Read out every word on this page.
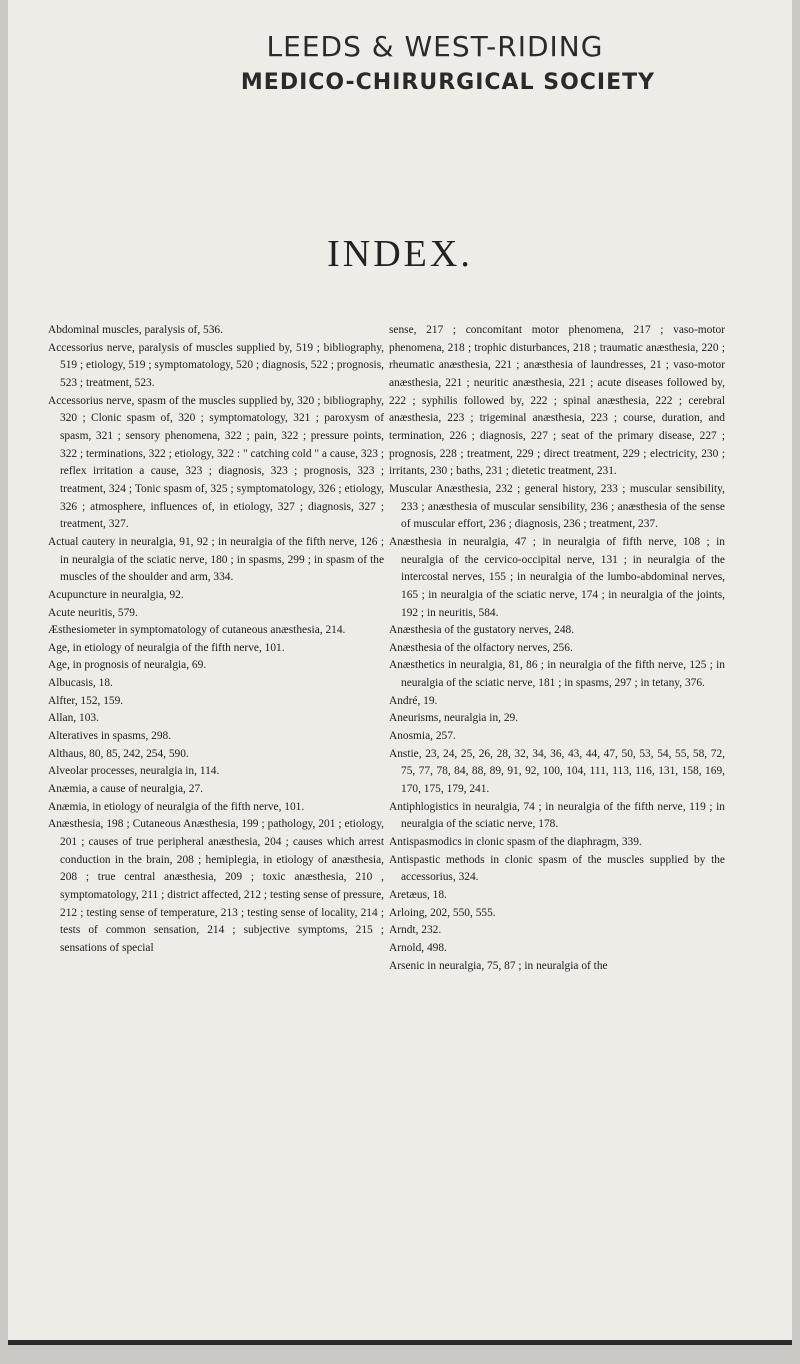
LEEDS & WEST-RIDING
MEDICO-CHIRURGICAL SOCIETY
INDEX.

Abdominal muscles, paralysis of, 536.

Accessorius nerve, paralysis of muscles supplied by, 519 ; bibliography, 519 ; etiology, 519 ; symptomatology, 520 ; diagnosis, 522 ; prognosis, 523 ; treatment, 523.

Accessorius nerve, spasm of the muscles supplied by, 320 ; bibliography, 320 ; Clonic spasm of, 320 ; symptomatology, 321 ; paroxysm of spasm, 321 ; sensory phenomena, 322 ; pain, 322 ; pressure points, 322 ; terminations, 322 ; etiology, 322 : " catching cold " a cause, 323 ; reflex irritation a cause, 323 ; diagnosis, 323 ; prognosis, 323 ; treatment, 324 ; Tonic spasm of, 325 ; symptomatology, 326 ; etiology, 326 ; atmosphere, influences of, in etiology, 327 ; diagnosis, 327 ; treatment, 327.

Actual cautery in neuralgia, 91, 92 ; in neuralgia of the fifth nerve, 126 ; in neuralgia of the sciatic nerve, 180 ; in spasms, 299 ; in spasm of the muscles of the shoulder and arm, 334.

Acupuncture in neuralgia, 92.

Acute neuritis, 579.

Æsthesiometer in symptomatology of cutaneous anæsthesia, 214.

Age, in etiology of neuralgia of the fifth nerve, 101.

Age, in prognosis of neuralgia, 69.

Albucasis, 18.

Alfter, 152, 159.

Allan, 103.

Alteratives in spasms, 298.

Althaus, 80, 85, 242, 254, 590.

Alveolar processes, neuralgia in, 114.

Anæmia, a cause of neuralgia, 27.

Anæmia, in etiology of neuralgia of the fifth nerve, 101.

Anæsthesia, 198 ; Cutaneous Anæsthesia, 199 ; pathology, 201 ; etiology, 201 ; causes of true peripheral anæsthesia, 204 ; causes which arrest conduction in the brain, 208 ; hemiplegia, in etiology of anæsthesia, 208 ; true central anæsthesia, 209 ; toxic anæsthesia, 210 , symptomatology, 211 ; district affected, 212 ; testing sense of pressure, 212 ; testing sense of temperature, 213 ; testing sense of locality, 214 ; tests of common sensation, 214 ; subjective symptoms, 215 ; sensations of special

sense, 217 ; concomitant motor phenomena, 217 ; vaso-motor phenomena, 218 ; trophic disturbances, 218 ; traumatic anæsthesia, 220 ; rheumatic anæsthesia, 221 ; anæsthesia of laundresses, 21 ; vaso-motor anæsthesia, 221 ; neuritic anæsthesia, 221 ; acute diseases followed by, 222 ; syphilis followed by, 222 ; spinal anæsthesia, 222 ; cerebral anæsthesia, 223 ; trigeminal anæsthesia, 223 ; course, duration, and termination, 226 ; diagnosis, 227 ; seat of the primary disease, 227 ; prognosis, 228 ; treatment, 229 ; direct treatment, 229 ; electricity, 230 ; irritants, 230 ; baths, 231 ; dietetic treatment, 231.

Muscular Anæsthesia, 232 ; general history, 233 ; muscular sensibility, 233 ; anæsthesia of muscular sensibility, 236 ; anæsthesia of the sense of muscular effort, 236 ; diagnosis, 236 ; treatment, 237.

Anæsthesia in neuralgia, 47 ; in neuralgia of fifth nerve, 108 ; in neuralgia of the cervico-occipital nerve, 131 ; in neuralgia of the intercostal nerves, 155 ; in neuralgia of the lumbo-abdominal nerves, 165 ; in neuralgia of the sciatic nerve, 174 ; in neuralgia of the joints, 192 ; in neuritis, 584.

Anæsthesia of the gustatory nerves, 248.

Anæsthesia of the olfactory nerves, 256.

Anæsthetics in neuralgia, 81, 86 ; in neuralgia of the fifth nerve, 125 ; in neuralgia of the sciatic nerve, 181 ; in spasms, 297 ; in tetany, 376.

André, 19.

Aneurisms, neuralgia in, 29.

Anosmia, 257.

Anstie, 23, 24, 25, 26, 28, 32, 34, 36, 43, 44, 47, 50, 53, 54, 55, 58, 72, 75, 77, 78, 84, 88, 89, 91, 92, 100, 104, 111, 113, 116, 131, 158, 169, 170, 175, 179, 241.

Antiphlogistics in neuralgia, 74 ; in neuralgia of the fifth nerve, 119 ; in neuralgia of the sciatic nerve, 178.

Antispasmodics in clonic spasm of the diaphragm, 339.

Antispastic methods in clonic spasm of the muscles supplied by the accessorius, 324.

Aretæus, 18.

Arloing, 202, 550, 555.

Arndt, 232.

Arnold, 498.

Arsenic in neuralgia, 75, 87 ; in neuralgia of the
